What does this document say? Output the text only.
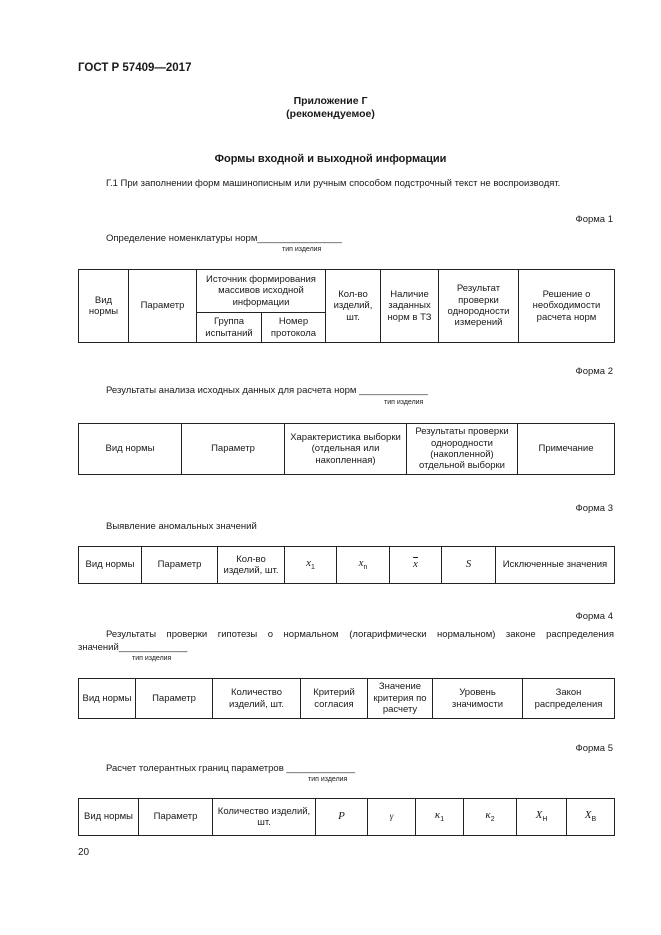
ГОСТ Р 57409—2017
Приложение Г
(рекомендуемое)
Формы входной и выходной информации
Г.1 При заполнении форм машинописным или ручным способом подстрочный текст не воспроизводят.
Форма 1
Определение номенклатуры норм________________
тип изделия
Вид нормы	Параметр	Источник формирования массивов исходной информации		Кол-во изделий, шт.	Наличие заданных норм в ТЗ	Результат проверки однородности измерений	Решение о необходимости расчета норм
		Группа испытаний	Номер протокола				
Форма 2
Результаты анализа исходных данных для расчета норм _____________
тип изделия
Вид нормы	Параметр	Характеристика выборки (отдельная или накопленная)	Результаты проверки однородности (накопленной) отдельной выборки	Примечание
Форма 3
Выявление аномальных значений
Вид нормы	Параметр	Кол-во изделий, шт.	$x_1$	$x_n$	$\overline{x}$	S	Исключенные значения
Форма 4
Результаты проверки гипотезы о нормальном (логарифмически нормальном) законе распределения
значений_____________
тип изделия
Вид нормы	Параметр	Количество изделий, шт.	Критерий согласия	Значение критерия по расчету	Уровень значимости	Закон распределения
Форма 5
Расчет толерантных границ параметров _____________
тип изделия
Вид нормы	Параметр	Количество изделий, шт.	P	γ	$\kappa_1$	$\kappa_2$	$X_H$	$X_B$
20
